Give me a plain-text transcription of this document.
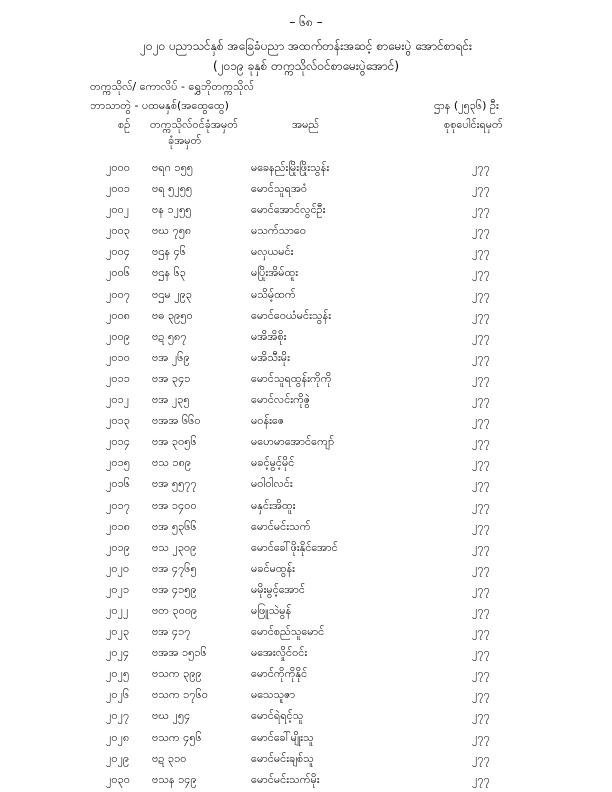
– ၆၈ –
၂၀၂၀ ပညာသင်နှစ် အခြေခံပညာ အထက်တန်းအဆင့် စာမေးပွဲ အောင်စာရင်း
(၂၀၁၉ ခုနှစ် တက္ကသိုလ်ဝင်စာမေးပွဲအောင်)
တက္ကသိုလ်/ ကောလိပ် - ရွှေဘိုတက္ကသိုလ်
ဘာသာတွဲ - ပထမနှစ်(အထွေထွေ)	ဌာန (၂၅၃၆) ဦး
စဉ် တက္ကသိုလ်ဝင်ခုံအမှတ်
ခုံအမှတ်
အမည်	စုစုပေါင်းရမှတ်
၂၀၀၀ ဗရဂ ၁၅၅	မခေနည်းမြိုးဖြိုးသွန်း	၂၇၇
၂၀၀၁ ဗရ ၅၂၅၅	မောင်သူရအဝံ	၂၇၇
၂၀၀၂ ဗန ၁၂၅၅	မောင်အောင်လွင်ဦး	၂၇၇
၂၀၀၃ ဗဃ ၇၅၈	မသက်သာဝေ	၂၇၇
၂၀၀၄ ဗဌန ၄၆	မလှယမင်း	၂၇၇
၂၀၀၆ ဗဌန ၆၃	မပြိုးအိမ်ထူး	၂၇၇
၂၀၀၇ ဗဌမ ၂၉၃	မသိမ့်ထက်	၂၇၇
၂၀၀၈ ဗဓ ၃၉၅၀	မောင်ဝေယံမင်းသွန်း	၂၇၇
၂၀၀၉ ဗဍ ၅၈၇	မအိအိစိုး	၂၇၇
၂၀၁၀ ဗအ ၂၆၉	မအိသီးမိုး	၂၇၇
၂၀၁၁ ဗအ ၃၄၁	မောင်သူရထွန်းကိုကို	၂၇၇
၂၀၁၂ ဗအ ၂၃၅	မောင်လင်းကိုဇွဲ	၂၇၇
၂၀၁၃ ဗအအ ၆၆၀	မဝန်းဇေ	၂၇၇
၂၀၁၄ ဗအ ၃၀၅၆	မဟေမာအောင်ကျော်	၂၇၇
၂၀၁၅ ဗသ ၁၈၉	မခင့်မွင့်မိုင်	၂၇၇
၂၀၁၆ ဗအ ၅၅၇၇	မဝါဝါလင်း	၂၇၇
၂၀၁၇ ဗအ ၁၄၀၀	မနှင်းအိထူး	၂၇၇
၂၀၁၈ ဗအ ၅၃၆၆	မောင်မင်းသက်	၂၇၇
၂၀၁၉ ဗသ ၂၃၀၉	မောင်ခေါ်ဖိုးနိုင်အောင်	၂၇၇
၂၀၂၀ ဗအ ၄၇၆၅	မခင်မထွန်း	၂၇၇
၂၀၂၁ ဗအ ၄၁၅၉	မမိုးမွင့်အောင်	၂၇၇
၂၀၂၂ ဗတ ၃၀၀၉	မဖြူသဲမွန်	၂၇၇
၂၀၂၃ ဗအ ၄၁၇	မောင်စည်သူမောင်	၂၇၇
၂၀၂၄ ဗအအ ၁၅၁၆	မအေးလှိုင်ဝင်း	၂၇၇
၂၀၂၅ ဗသက ၃၉၉	မောင်ကိုကိုနိုင်	၂၇၇
၂၀၂၆ ဗသက ၁၇၆၀	မသေသူဇာ	၂၇၇
၂၀၂၇ ဗဃ ၂၅၄	မောင်ရဲရင့်သူ	၂၇၇
၂၀၂၈ ဗသက ၄၅၆	မောင်ခေါ်မျိုးသူ	၂၇၇
၂၀၂၉ ဗဍ ၃၁၀	မောင်မင်းချစ်သူ	၂၇၇
၂၀၃၀ ဗသန ၁၄၉	မောင်မင်းသက်မိုး	၂၇၇
